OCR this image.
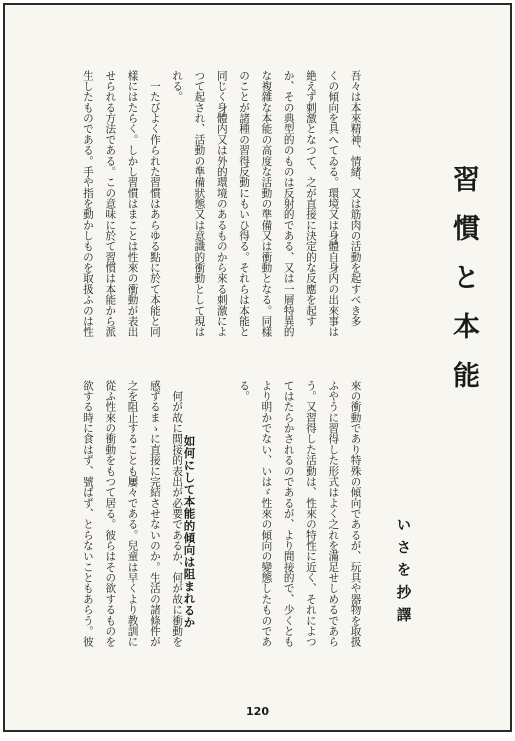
習慣と本能
いさを抄譯
吾々は本來精神、情緒、又は筋肉の活動を起すべき多
くの傾向を具へてゐる。環境又は身體自身内の出來事は
絶えず刺激となつて、之が直接に決定的な反應を起す
か、その典型的のものは反射的である、又は一層特異的
な複雜な本能の高度な活動の準備又は衝動となる。同樣
のことが諸種の習得反動にもいひ得る。それらは本能と
同じく身體内又は外的環境のあるものから來る刺激によ
つて起され、活動の準備狀態又は意識的衝動として現は
れる。
　一たびよく作られた習慣はあらゆる點に於て本能と同
樣にはたらく。しかし習慣はまことは性來の衝動が表出
せられる方法である。この意味に於て習慣は本能から派
生したものである。手や指を動かしものを取扱ふのは性
來の衝動であり特殊の傾向であるが、玩具や器物を取扱
ふやうに習得した形式はよく之れを滿足せしめるであら
う。又習得した活動は、性來の特性に近く、それによつ
てはたらかされるのであるが、より間接的で、少くとも
より明かでない、いはゞ性來の傾向の變態したものであ
る。
　何が故に間接的表出が必要であるか、何が故に衝動を
感ずるまゝに直接に完結させないのか。生活の諸條件が
之を阻止することも屢々である。兒童は早くより教訓に
從ふ性來の衝動をもつて居る。彼らはその欲するものを
欲する時に食はず、號ばず、とらないこともあらう。彼	如何にして本能的傾向は阻まれるか
120
